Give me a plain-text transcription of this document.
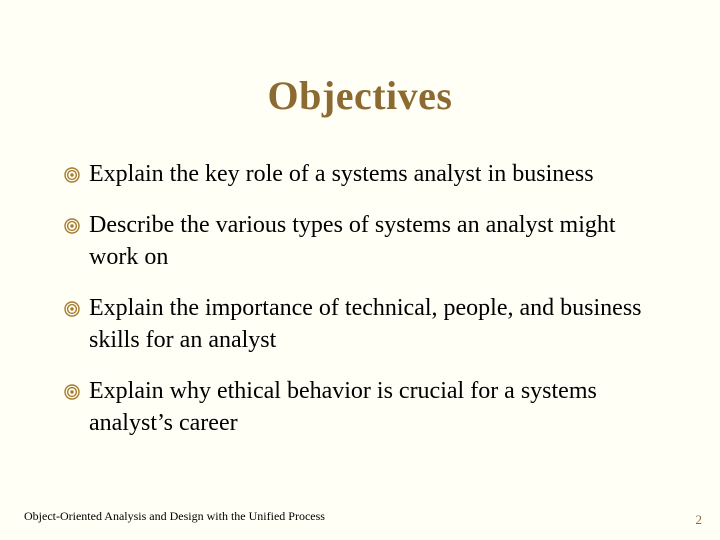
Objectives
Explain the key role of a systems analyst in business
Describe the various types of systems an analyst might work on
Explain the importance of technical, people, and business skills for an analyst
Explain why ethical behavior is crucial for a systems analyst’s career
Object-Oriented Analysis and Design with the Unified Process	2
